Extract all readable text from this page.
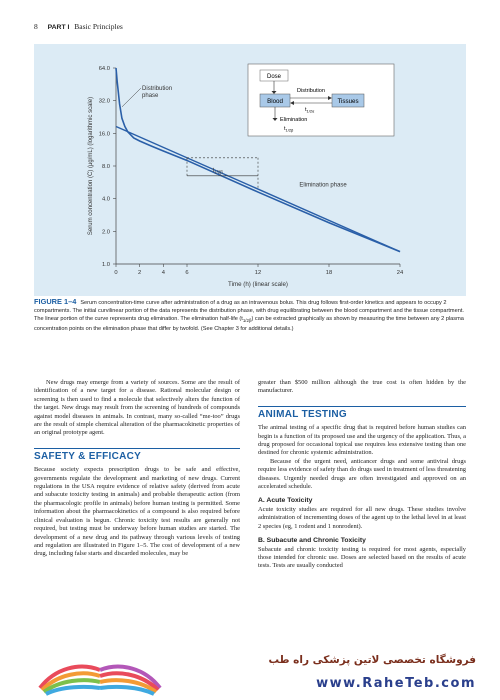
8 PART I Basic Principles
1.0
2.0
4.0
8.0
16.0
32.0
64.0
0	2	4	6	12	18	24
Time (h) (linear scale)
Serum concentration (C) (μg/mL) (logarithmic scale)	$t_{1/2\beta}$
Distribution phase
Elimination phase
Dose
Blood	Tissues
Distribution
$t_{1/2\alpha}$
Elimination
$t_{1/2\beta}$
FIGURE 1–4 Serum concentration-time curve after administration of a drug as an intravenous bolus. This drug follows first-order kinetics and appears to occupy 2 compartments. The initial curvilinear portion of the data represents the distribution phase, with drug equilibrating between the blood compartment and the tissue compartment. The linear portion of the curve represents drug elimination. The elimination half-life $(t_{1/2\beta})$ can be extracted graphically as shown by measuring the time between any 2 plasma concentration points on the elimination phase that differ by twofold. (See Chapter 3 for additional details.)

New drugs may emerge from a variety of sources. Some are the result of identification of a new target for a disease. Rational molecular design or screening is then used to find a molecule that selectively alters the function of the target. New drugs may result from the screening of hundreds of compounds against model diseases in animals. In contrast, many so-called “me-too” drugs are the result of simple chemical alteration of the pharmacokinetic properties of an original prototype agent.

SAFETY & EFFICACY

Because society expects prescription drugs to be safe and effective, governments regulate the development and marketing of new drugs. Current regulations in the USA require evidence of relative safety (derived from acute and subacute toxicity testing in animals) and probable therapeutic action (from the pharmacologic profile in animals) before human testing is permitted. Some information about the pharmacokinetics of a compound is also required before clinical evaluation is begun. Chronic toxicity test results are generally not required, but testing must be underway before human studies are started. The development of a new drug and its pathway through various levels of testing and regulation are illustrated in Figure 1–5. The cost of development of a new drug, including false starts and discarded molecules, may be

greater than $500 million although the true cost is often hidden by the manufacturer.

ANIMAL TESTING

The animal testing of a specific drug that is required before human studies can begin is a function of its proposed use and the urgency of the application. Thus, a drug proposed for occasional topical use requires less extensive testing than one destined for chronic systemic administration.

Because of the urgent need, anticancer drugs and some antiviral drugs require less evidence of safety than do drugs used in treatment of less threatening diseases. Urgently needed drugs are often investigated and approved on an accelerated schedule.

A. Acute Toxicity

Acute toxicity studies are required for all new drugs. These studies involve administration of incrementing doses of the agent up to the lethal level in at least 2 species (eg, 1 rodent and 1 nonrodent).

B. Subacute and Chronic Toxicity

Subacute and chronic toxicity testing is required for most agents, especially those intended for chronic use. Doses are selected based on the results of acute tests. Tests are usually conducted

فروشگاه تخصصی لاتین پزشکی راه طب
www.RaheTeb.com
